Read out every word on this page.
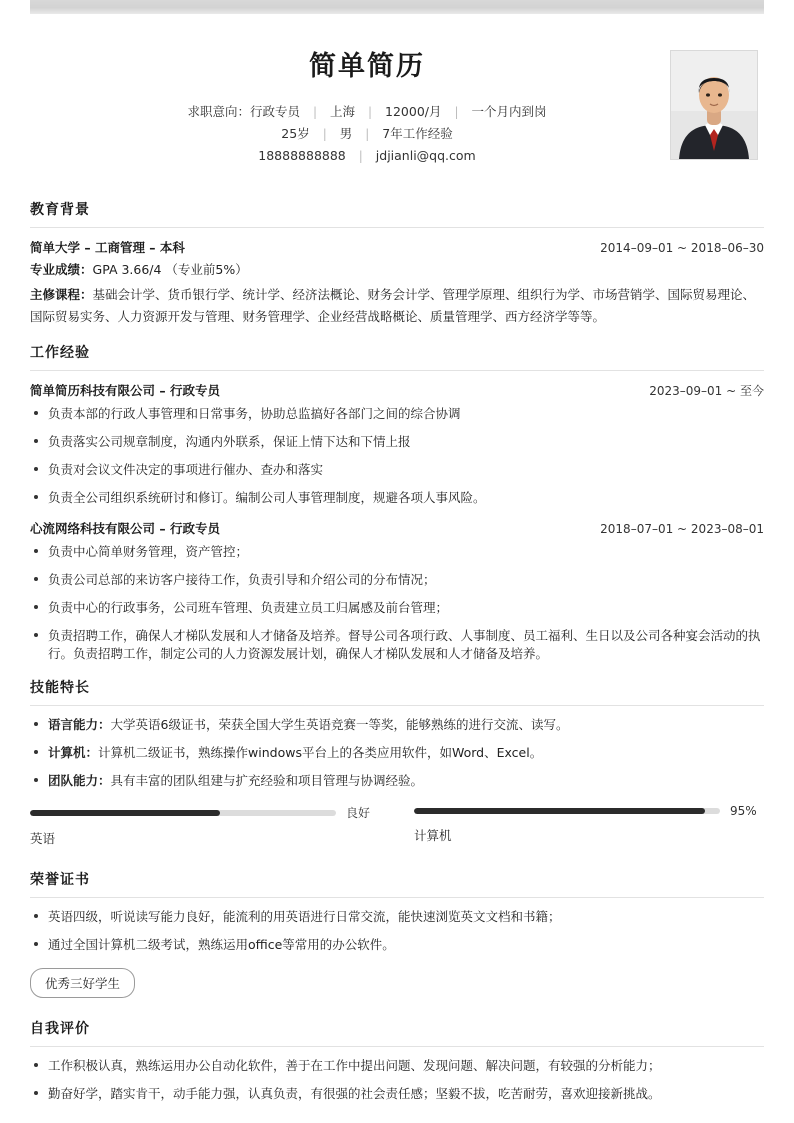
简单简历
求职意向：行政专员 | 上海 | 12000/月 | 一个月内到岗
25岁 | 男 | 7年工作经验
18888888888 | jdjianli@qq.com
教育背景
简单大学 – 工商管理 – 本科	2014–09–01 ~ 2018–06–30
专业成绩：GPA 3.66/4 （专业前5%）
主修课程：基础会计学、货币银行学、统计学、经济法概论、财务会计学、管理学原理、组织行为学、市场营销学、国际贸易理论、国际贸易实务、人力资源开发与管理、财务管理学、企业经营战略概论、质量管理学、西方经济学等等。
工作经验
简单简历科技有限公司 – 行政专员	2023–09–01 ~ 至今
负责本部的行政人事管理和日常事务，协助总监搞好各部门之间的综合协调
负责落实公司规章制度，沟通内外联系，保证上情下达和下情上报
负责对会议文件决定的事项进行催办、查办和落实
负责全公司组织系统研讨和修订。编制公司人事管理制度，规避各项人事风险。
心流网络科技有限公司 – 行政专员	2018–07–01 ~ 2023–08–01
负责中心简单财务管理，资产管控；
负责公司总部的来访客户接待工作，负责引导和介绍公司的分布情况；
负责中心的行政事务，公司班车管理、负责建立员工归属感及前台管理；
负责招聘工作，确保人才梯队发展和人才储备及培养。督导公司各项行政、人事制度、员工福利、生日以及公司各种宴会活动的执行。负责招聘工作，制定公司的人力资源发展计划，确保人才梯队发展和人才储备及培养。
技能特长
语言能力：大学英语6级证书，荣获全国大学生英语竞赛一等奖，能够熟练的进行交流、读写。
计算机：计算机二级证书，熟练操作windows平台上的各类应用软件，如Word、Excel。
团队能力：具有丰富的团队组建与扩充经验和项目管理与协调经验。
良好
英语
95%
计算机
荣誉证书
英语四级，听说读写能力良好，能流利的用英语进行日常交流，能快速浏览英文文档和书籍；
通过全国计算机二级考试，熟练运用office等常用的办公软件。
优秀三好学生
自我评价
工作积极认真，熟练运用办公自动化软件，善于在工作中提出问题、发现问题、解决问题，有较强的分析能力；
勤奋好学，踏实肯干，动手能力强，认真负责，有很强的社会责任感；坚毅不拔，吃苦耐劳，喜欢迎接新挑战。
